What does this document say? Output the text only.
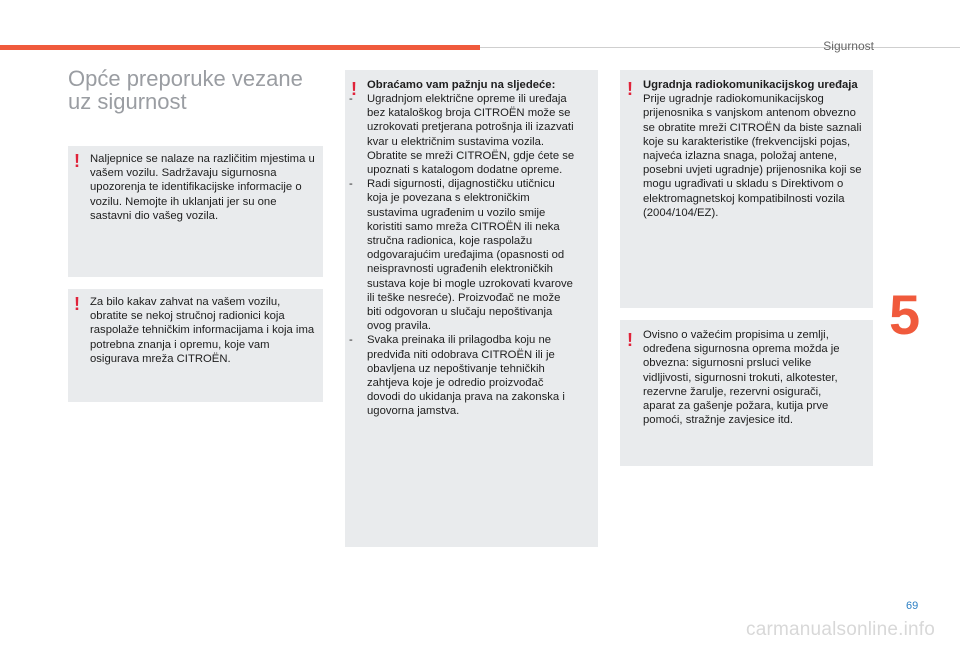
Sigurnost
Opće preporuke vezane
uz sigurnost
! Naljepnice se nalaze na različitim mjestima u vašem vozilu. Sadržavaju sigurnosna upozorenja te identifikacijske informacije o vozilu. Nemojte ih uklanjati jer su one sastavni dio vašeg vozila.
! Za bilo kakav zahvat na vašem vozilu, obratite se nekoj stručnoj radionici koja raspolaže tehničkim informacijama i koja ima potrebna znanja i opremu, koje vam osigurava mreža CITROËN.
! Obraćamo vam pažnju na sljedeće:
- Ugradnjom električne opreme ili uređaja bez kataloškog broja CITROËN može se uzrokovati pretjerana potrošnja ili izazvati kvar u električnim sustavima vozila. Obratite se mreži CITROËN, gdje ćete se upoznati s katalogom dodatne opreme.
- Radi sigurnosti, dijagnostičku utičnicu koja je povezana s elektroničkim sustavima ugrađenim u vozilo smije koristiti samo mreža CITROËN ili neka stručna radionica, koje raspolažu odgovarajućim uređajima (opasnosti od neispravnosti ugrađenih elektroničkih sustava koje bi mogle uzrokovati kvarove ili teške nesreće). Proizvođač ne može biti odgovoran u slučaju nepoštivanja ovog pravila.
- Svaka preinaka ili prilagodba koju ne predviđa niti odobrava CITROËN ili je obavljena uz nepoštivanje tehničkih zahtjeva koje je odredio proizvođač dovodi do ukidanja prava na zakonska i ugovorna jamstva.
! Ugradnja radiokomunikacijskog uređaja
Prije ugradnje radiokomunikacijskog prijenosnika s vanjskom antenom obvezno se obratite mreži CITROËN da biste saznali koje su karakteristike (frekvencijski pojas, najveća izlazna snaga, položaj antene, posebni uvjeti ugradnje) prijenosnika koji se mogu ugrađivati u skladu s Direktivom o elektromagnetskoj kompatibilnosti vozila (2004/104/EZ).
! Ovisno o važećim propisima u zemlji, određena sigurnosna oprema možda je obvezna: sigurnosni prsluci velike vidljivosti, sigurnosni trokuti, alkotester, rezervne žarulje, rezervni osigurači, aparat za gašenje požara, kutija prve pomoći, stražnje zavjesice itd.
5
69
carmanualsonline.info
